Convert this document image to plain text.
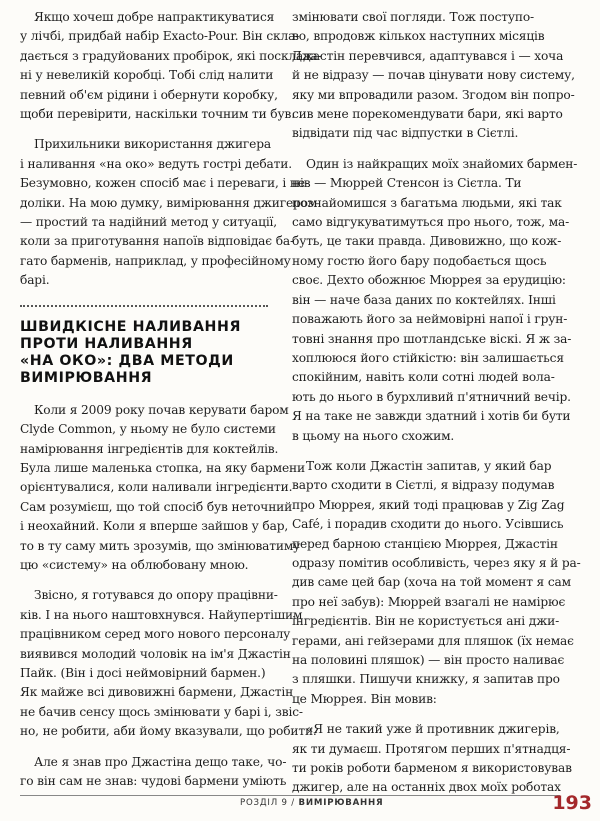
Якщо хочеш добре напрактикуватися
у лічбі, придбай набір Exacto-Pour. Він скла-
дається з градуйованих пробірок, які посклада-
ні у невеликій коробці. Тобі слід налити
певний об'єм рідини і обернути коробку,
щоби перевірити, наскільки точним ти був.

Прихильники використання джигера
і наливання «на око» ведуть гострі дебати.
Безумовно, кожен спосіб має і переваги, і не-
доліки. На мою думку, вимірювання джигером
— простий та надійний метод у ситуації,
коли за приготування напоїв відповідає ба-
гато барменів, наприклад, у професійному
барі.

ШВИДКІСНЕ НАЛИВАННЯ
ПРОТИ НАЛИВАННЯ
«НА ОКО»: ДВА МЕТОДИ
ВИМІРЮВАННЯ

Коли я 2009 року почав керувати баром
Clyde Common, у ньому не було системи
намірювання інгредієнтів для коктейлів.
Була лише маленька стопка, на яку бармени
орієнтувалися, коли наливали інгредієнти.
Сам розумієш, що той спосіб був неточний
і неохайний. Коли я вперше зайшов у бар,
то в ту саму мить зрозумів, що змінюватиму
цю «систему» на облюбовану мною.

Звісно, я готувався до опору працівни-
ків. І на нього наштовхнувся. Найупертішим
працівником серед мого нового персоналу
виявився молодий чоловік на ім'я Джастін
Пайк. (Він і досі неймовірний бармен.)
Як майже всі дивовижні бармени, Джастін
не бачив сенсу щось змінювати у барі і, звіс-
но, не робити, аби йому вказували, що робити.

Але я знав про Джастіна дещо таке, чо-
го він сам не знав: чудові бармени уміють

змінювати свої погляди. Тож поступо-
во, впродовж кількох наступних місяців
Джастін перевчився, адаптувався і — хоча
й не відразу — почав цінувати нову систему,
яку ми впровадили разом. Згодом він попро-
сив мене порекомендувати бари, які варто
відвідати під час відпустки в Сієтлі.

Один із найкращих моїх знайомих бармен-
нів — Мюррей Стенсон із Сієтла. Ти
познайомишся з багатьма людьми, які так
само відгукуватимуться про нього, тож, ма-
буть, це таки правда. Дивовижно, що кож-
ному гостю його бару подобається щось
своє. Дехто обожнює Мюррея за ерудицію:
він — наче база даних по коктейлях. Інші
поважають його за неймовірні напої і грун-
товні знання про шотландське віскі. Я ж за-
хоплююся його стійкістю: він залишається
спокійним, навіть коли сотні людей вола-
ють до нього в бурхливий п'ятничний вечір.
Я на таке не завжди здатний і хотів би бути
в цьому на нього схожим.

Тож коли Джастін запитав, у який бар
варто сходити в Сієтлі, я відразу подумав
про Мюррея, який тоді працював у Zig Zag
Café, і порадив сходити до нього. Усівшись
перед барною станцією Мюррея, Джастін
одразу помітив особливість, через яку я й ра-
див саме цей бар (хоча на той момент я сам
про неї забув): Мюррей взагалі не намірює
інгредієнтів. Він не користується ані джи-
герами, ані гейзерами для пляшок (їх немає
на половині пляшок) — він просто наливає
з пляшки. Пишучи книжку, я запитав про
це Мюррея. Він мовив:

«Я не такий уже й противник джигерів,
як ти думаєш. Протягом перших п'ятнадця-
ти років роботи барменом я використовував
джигер, але на останніх двох моїх роботах

РОЗДІЛ 9 / ВИМІРЮВАННЯ	193
